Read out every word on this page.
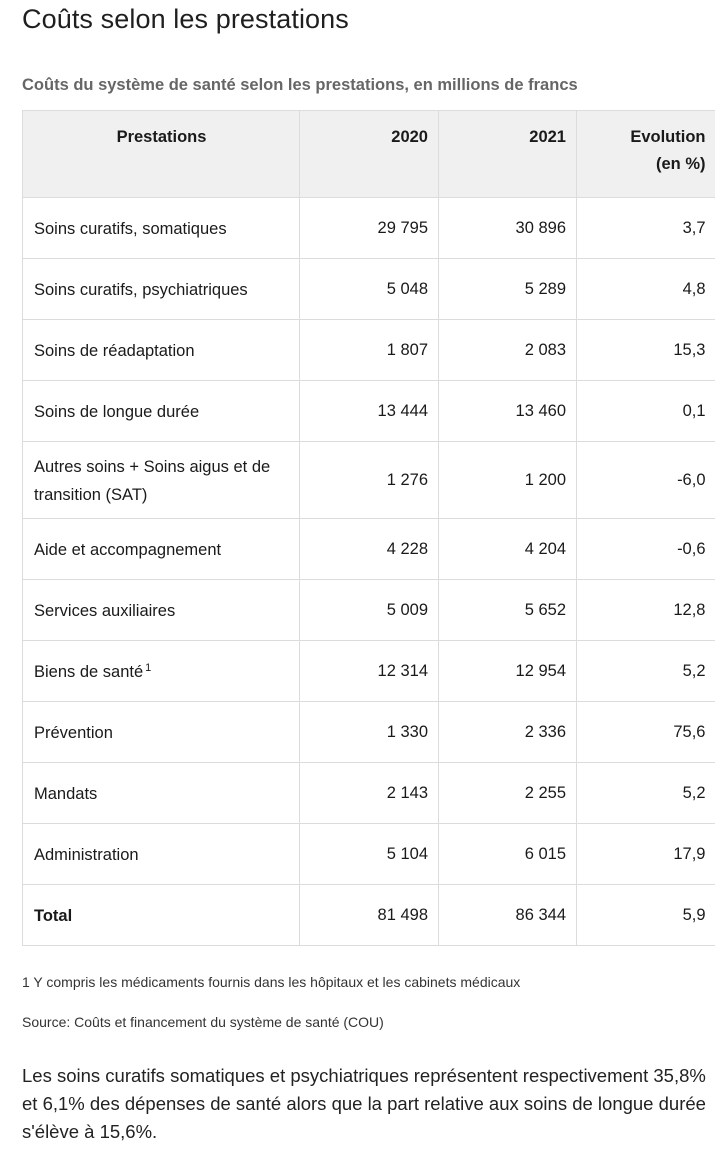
Coûts selon les prestations
Coûts du système de santé selon les prestations, en millions de francs
Prestations	2020	2021	Evolution
(en %)
Soins curatifs, somatiques	29 795	30 896	3,7
Soins curatifs, psychiatriques	5 048	5 289	4,8
Soins de réadaptation	1 807	2 083	15,3
Soins de longue durée	13 444	13 460	0,1
Autres soins + Soins aigus et de transition (SAT)	1 276	1 200	-6,0
Aide et accompagnement	4 228	4 204	-0,6
Services auxiliaires	5 009	5 652	12,8
Biens de santé $^1$	12 314	12 954	5,2
Prévention	1 330	2 336	75,6
Mandats	2 143	2 255	5,2
Administration	5 104	6 015	17,9
Total	81 498	86 344	5,9

1 Y compris les médicaments fournis dans les hôpitaux et les cabinets médicaux

Source: Coûts et financement du système de santé (COU)

Les soins curatifs somatiques et psychiatriques représentent respectivement 35,8% et 6,1% des dépenses de santé alors que la part relative aux soins de longue durée s'élève à 15,6%.
